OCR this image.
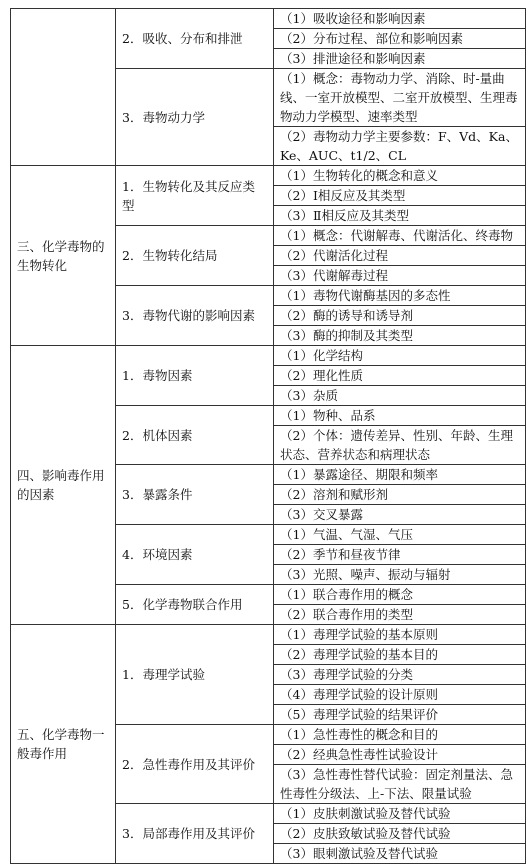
	2．吸收、分布和排泄	（1）吸收途径和影响因素
		（2）分布过程、部位和影响因素
		（3）排泄途径和影响因素

	3．毒物动力学	（1）概念：毒物动力学、消除、时-量曲线、一室开放模型、二室开放模型、生理毒物动力学模型、速率类型
		（2）毒物动力学主要参数：F、Vd、Ka、Ke、AUC、t1/2、CL

三、化学毒物的生物转化	1．生物转化及其反应类型	（1）生物转化的概念和意义
		（2）Ⅰ相反应及其类型
		（3）Ⅱ相反应及其类型

	2．生物转化结局	（1）概念：代谢解毒、代谢活化、终毒物
		（2）代谢活化过程
		（3）代谢解毒过程

	3．毒物代谢的影响因素	（1）毒物代谢酶基因的多态性
		（2）酶的诱导和诱导剂
		（3）酶的抑制及其类型

四、影响毒作用的因素	1．毒物因素	（1）化学结构
		（2）理化性质
		（3）杂质

	2．机体因素	（1）物种、品系
		（2）个体：遗传差异、性别、年龄、生理状态、营养状态和病理状态

	3．暴露条件	（1）暴露途径、期限和频率
		（2）溶剂和赋形剂
		（3）交叉暴露

	4．环境因素	（1）气温、气湿、气压
		（2）季节和昼夜节律
		（3）光照、噪声、振动与辐射

	5．化学毒物联合作用	（1）联合毒作用的概念
		（2）联合毒作用的类型

五、化学毒物一般毒作用	1．毒理学试验	（1）毒理学试验的基本原则
		（2）毒理学试验的基本目的
		（3）毒理学试验的分类
		（4）毒理学试验的设计原则
		（5）毒理学试验的结果评价

	2．急性毒作用及其评价	（1）急性毒性的概念和目的
		（2）经典急性毒性试验设计
		（3）急性毒性替代试验：固定剂量法、急性毒性分级法、上-下法、限量试验

	3．局部毒作用及其评价	（1）皮肤刺激试验及替代试验
		（2）皮肤致敏试验及替代试验
		（3）眼刺激试验及替代试验
